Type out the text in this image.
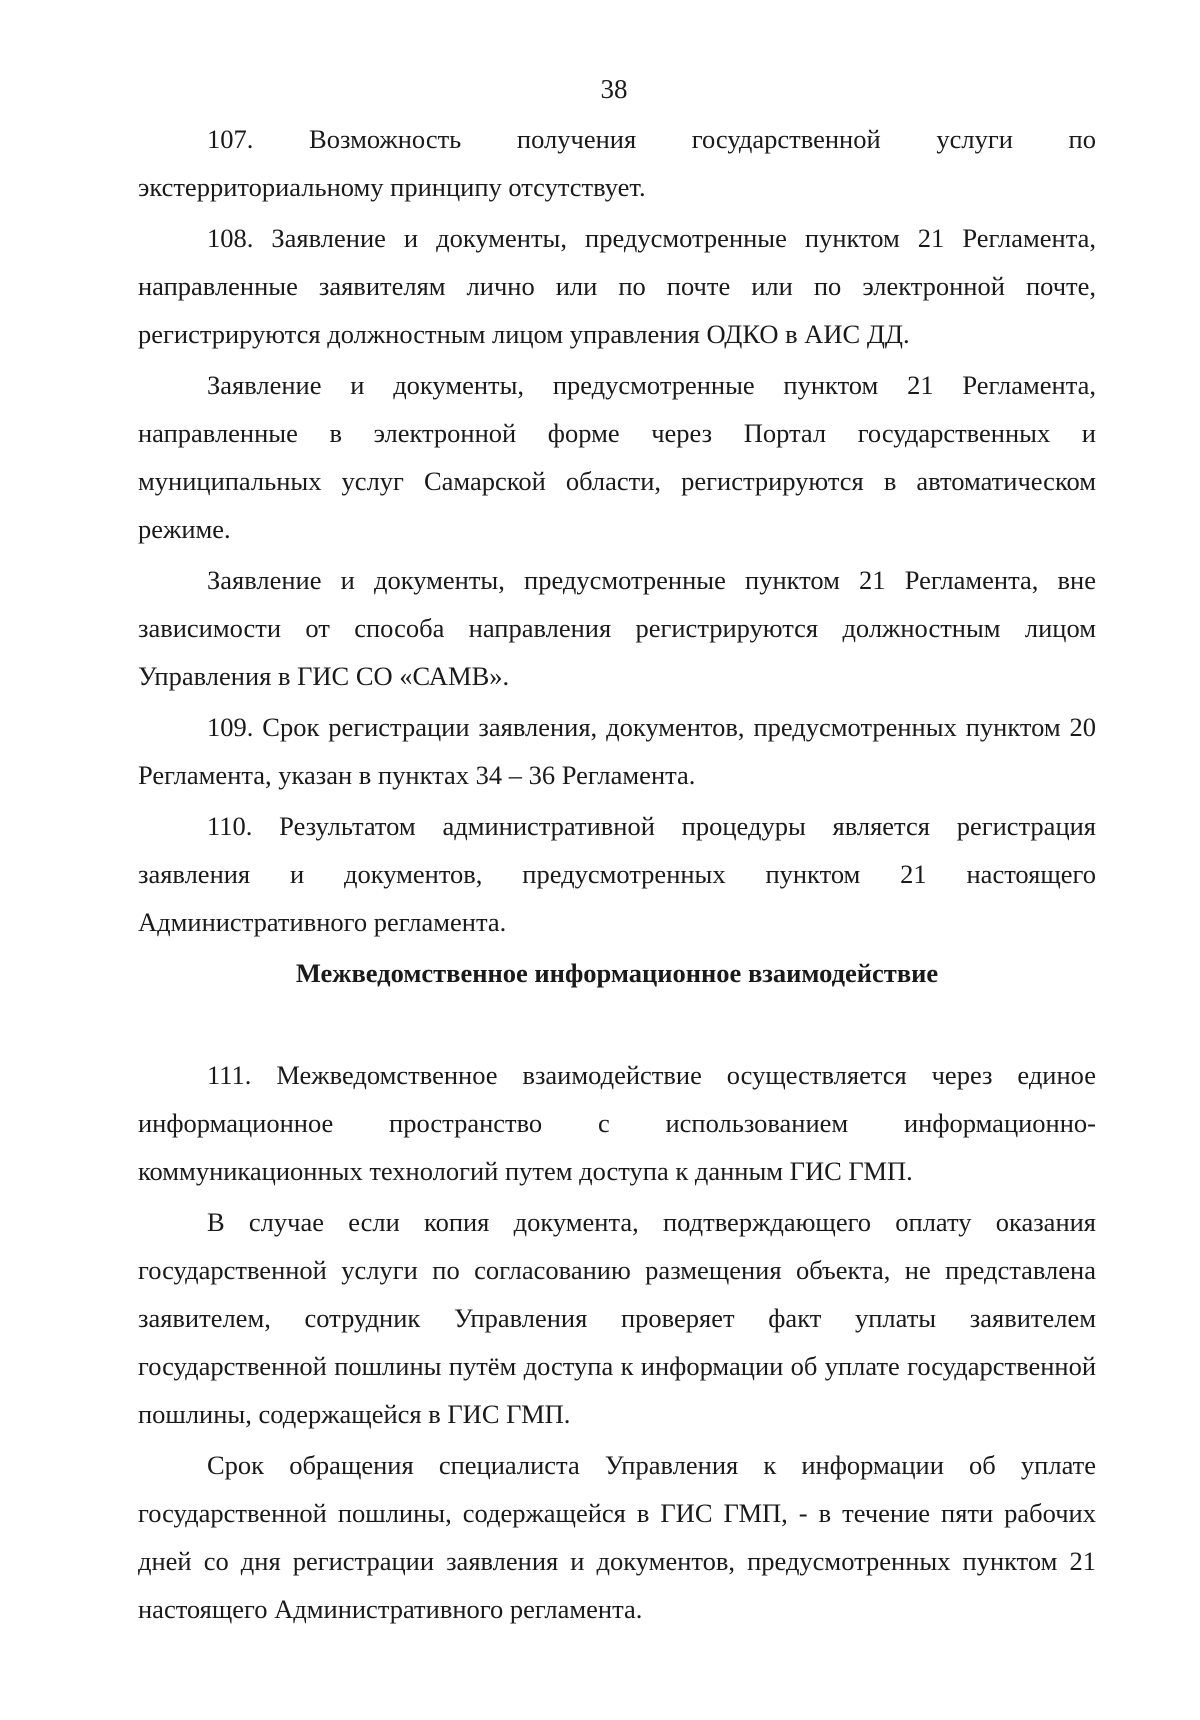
38

107. Возможность получения государственной услуги по экстерриториальному принципу отсутствует.

108. Заявление и документы, предусмотренные пунктом 21 Регламента, направленные заявителям лично или по почте или по электронной почте, регистрируются должностным лицом управления ОДКО в АИС ДД.

Заявление и документы, предусмотренные пунктом 21 Регламента, направленные в электронной форме через Портал государственных и муниципальных услуг Самарской области, регистрируются в автоматическом режиме.

Заявление и документы, предусмотренные пунктом 21 Регламента, вне зависимости от способа направления регистрируются должностным лицом Управления в ГИС СО «САМВ».

109. Срок регистрации заявления, документов, предусмотренных пунктом 20 Регламента, указан в пунктах 34 – 36 Регламента.

110. Результатом административной процедуры является регистрация заявления и документов, предусмотренных пунктом 21 настоящего Административного регламента.

Межведомственное информационное взаимодействие

111. Межведомственное взаимодействие осуществляется через единое информационное пространство с использованием информационно-коммуникационных технологий путем доступа к данным ГИС ГМП.

В случае если копия документа, подтверждающего оплату оказания государственной услуги по согласованию размещения объекта, не представлена заявителем, сотрудник Управления проверяет факт уплаты заявителем государственной пошлины путём доступа к информации об уплате государственной пошлины, содержащейся в ГИС ГМП.

Срок обращения специалиста Управления к информации об уплате государственной пошлины, содержащейся в ГИС ГМП, - в течение пяти рабочих дней со дня регистрации заявления и документов, предусмотренных пунктом 21 настоящего Административного регламента.
